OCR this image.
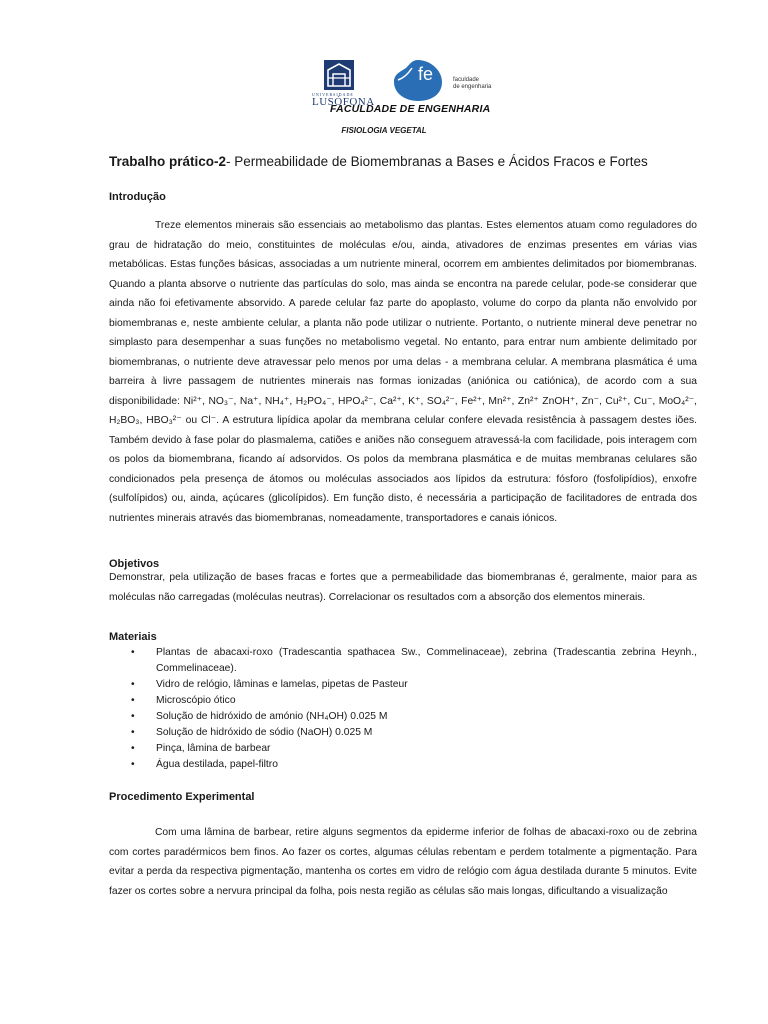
UNIVERSIDADE
LUSÓFONA
fe	faculdade
de engenharia
FACULDADE DE ENGENHARIA
FISIOLOGIA VEGETAL
Trabalho prático-2- Permeabilidade de Biomembranas a Bases e Ácidos Fracos e Fortes
Introdução
Treze elementos minerais são essenciais ao metabolismo das plantas. Estes elementos atuam como reguladores do grau de hidratação do meio, constituintes de moléculas e/ou, ainda, ativadores de enzimas presentes em várias vias metabólicas. Estas funções básicas, associadas a um nutriente mineral, ocorrem em ambientes delimitados por biomembranas. Quando a planta absorve o nutriente das partículas do solo, mas ainda se encontra na parede celular, pode-se considerar que ainda não foi efetivamente absorvido. A parede celular faz parte do apoplasto, volume do corpo da planta não envolvido por biomembranas e, neste ambiente celular, a planta não pode utilizar o nutriente. Portanto, o nutriente mineral deve penetrar no simplasto para desempenhar a suas funções no metabolismo vegetal. No entanto, para entrar num ambiente delimitado por biomembranas, o nutriente deve atravessar pelo menos por uma delas - a membrana celular. A membrana plasmática é uma barreira à livre passagem de nutrientes minerais nas formas ionizadas (aniónica ou catiónica), de acordo com a sua disponibilidade: Ni²⁺, NO₃⁻, Na⁺, NH₄⁺, H₂PO₄⁻, HPO₄²⁻, Ca²⁺, K⁺, SO₄²⁻, Fe²⁺, Mn²⁺, Zn²⁺ ZnOH⁺, Zn⁻, Cu²⁺, Cu⁻, MoO₄²⁻, H₂BO₃, HBO₃²⁻ ou Cl⁻. A estrutura lipídica apolar da membrana celular confere elevada resistência à passagem destes iões. Também devido à fase polar do plasmalema, catiões e aniões não conseguem atravessá-la com facilidade, pois interagem com os polos da biomembrana, ficando aí adsorvidos. Os polos da membrana plasmática e de muitas membranas celulares são condicionados pela presença de átomos ou moléculas associados aos lípidos da estrutura: fósforo (fosfolipídios), enxofre (sulfolípidos) ou, ainda, açúcares (glicolípidos). Em função disto, é necessária a participação de facilitadores de entrada dos nutrientes minerais através das biomembranas, nomeadamente, transportadores e canais iónicos.
Objetivos
Demonstrar, pela utilização de bases fracas e fortes que a permeabilidade das biomembranas é, geralmente, maior para as moléculas não carregadas (moléculas neutras). Correlacionar os resultados com a absorção dos elementos minerais.
Materiais
• Plantas de abacaxi-roxo (Tradescantia spathacea Sw., Commelinaceae), zebrina (Tradescantia zebrina Heynh., Commelinaceae).
• Vidro de relógio, lâminas e lamelas, pipetas de Pasteur
• Microscópio ótico
• Solução de hidróxido de amónio (NH₄OH) 0.025 M
• Solução de hidróxido de sódio (NaOH) 0.025 M
• Pinça, lâmina de barbear
• Água destilada, papel-filtro
Procedimento Experimental
Com uma lâmina de barbear, retire alguns segmentos da epiderme inferior de folhas de abacaxi-roxo ou de zebrina com cortes paradérmicos bem finos. Ao fazer os cortes, algumas células rebentam e perdem totalmente a pigmentação. Para evitar a perda da respectiva pigmentação, mantenha os cortes em vidro de relógio com água destilada durante 5 minutos. Evite fazer os cortes sobre a nervura principal da folha, pois nesta região as células são mais longas, dificultando a visualização
